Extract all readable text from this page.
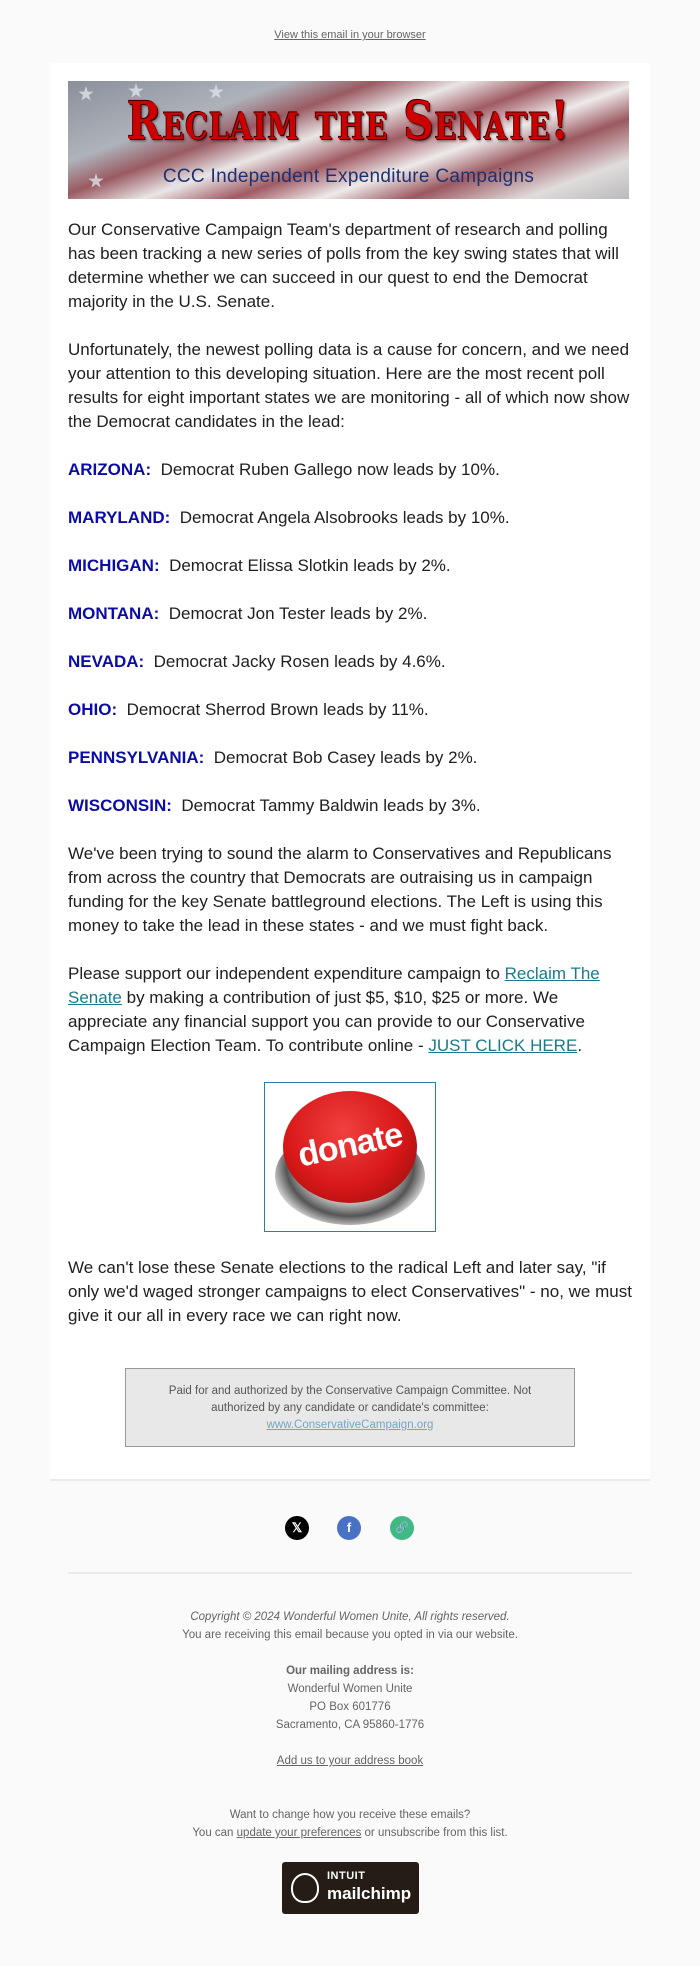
View this email in your browser
Reclaim the Senate!
CCC Independent Expenditure Campaigns

Our Conservative Campaign Team's department of research and polling has been tracking a new series of polls from the key swing states that will determine whether we can succeed in our quest to end the Democrat majority in the U.S. Senate.

Unfortunately, the newest polling data is a cause for concern, and we need your attention to this developing situation. Here are the most recent poll results for eight important states we are monitoring - all of which now show the Democrat candidates in the lead:

ARIZONA: Democrat Ruben Gallego now leads by 10%.

MARYLAND: Democrat Angela Alsobrooks leads by 10%.

MICHIGAN: Democrat Elissa Slotkin leads by 2%.

MONTANA: Democrat Jon Tester leads by 2%.

NEVADA: Democrat Jacky Rosen leads by 4.6%.

OHIO: Democrat Sherrod Brown leads by 11%.

PENNSYLVANIA: Democrat Bob Casey leads by 2%.

WISCONSIN: Democrat Tammy Baldwin leads by 3%.

We've been trying to sound the alarm to Conservatives and Republicans from across the country that Democrats are outraising us in campaign funding for the key Senate battleground elections. The Left is using this money to take the lead in these states - and we must fight back.

Please support our independent expenditure campaign to Reclaim The Senate by making a contribution of just $5, $10, $25 or more. We appreciate any financial support you can provide to our Conservative Campaign Election Team. To contribute online - JUST CLICK HERE.

donate

We can't lose these Senate elections to the radical Left and later say, "if only we'd waged stronger campaigns to elect Conservatives" - no, we must give it our all in every race we can right now.

Paid for and authorized by the Conservative Campaign Committee. Not authorized by any candidate or candidate's committee:
www.ConservativeCampaign.org
𝕏	f	🔗
Copyright © 2024 Wonderful Women Unite, All rights reserved.
You are receiving this email because you opted in via our website.
Our mailing address is:
Wonderful Women Unite
PO Box 601776
Sacramento, CA 95860-1776
Add us to your address book
Want to change how you receive these emails?
You can update your preferences or unsubscribe from this list.
INTUIT
mailchimp
